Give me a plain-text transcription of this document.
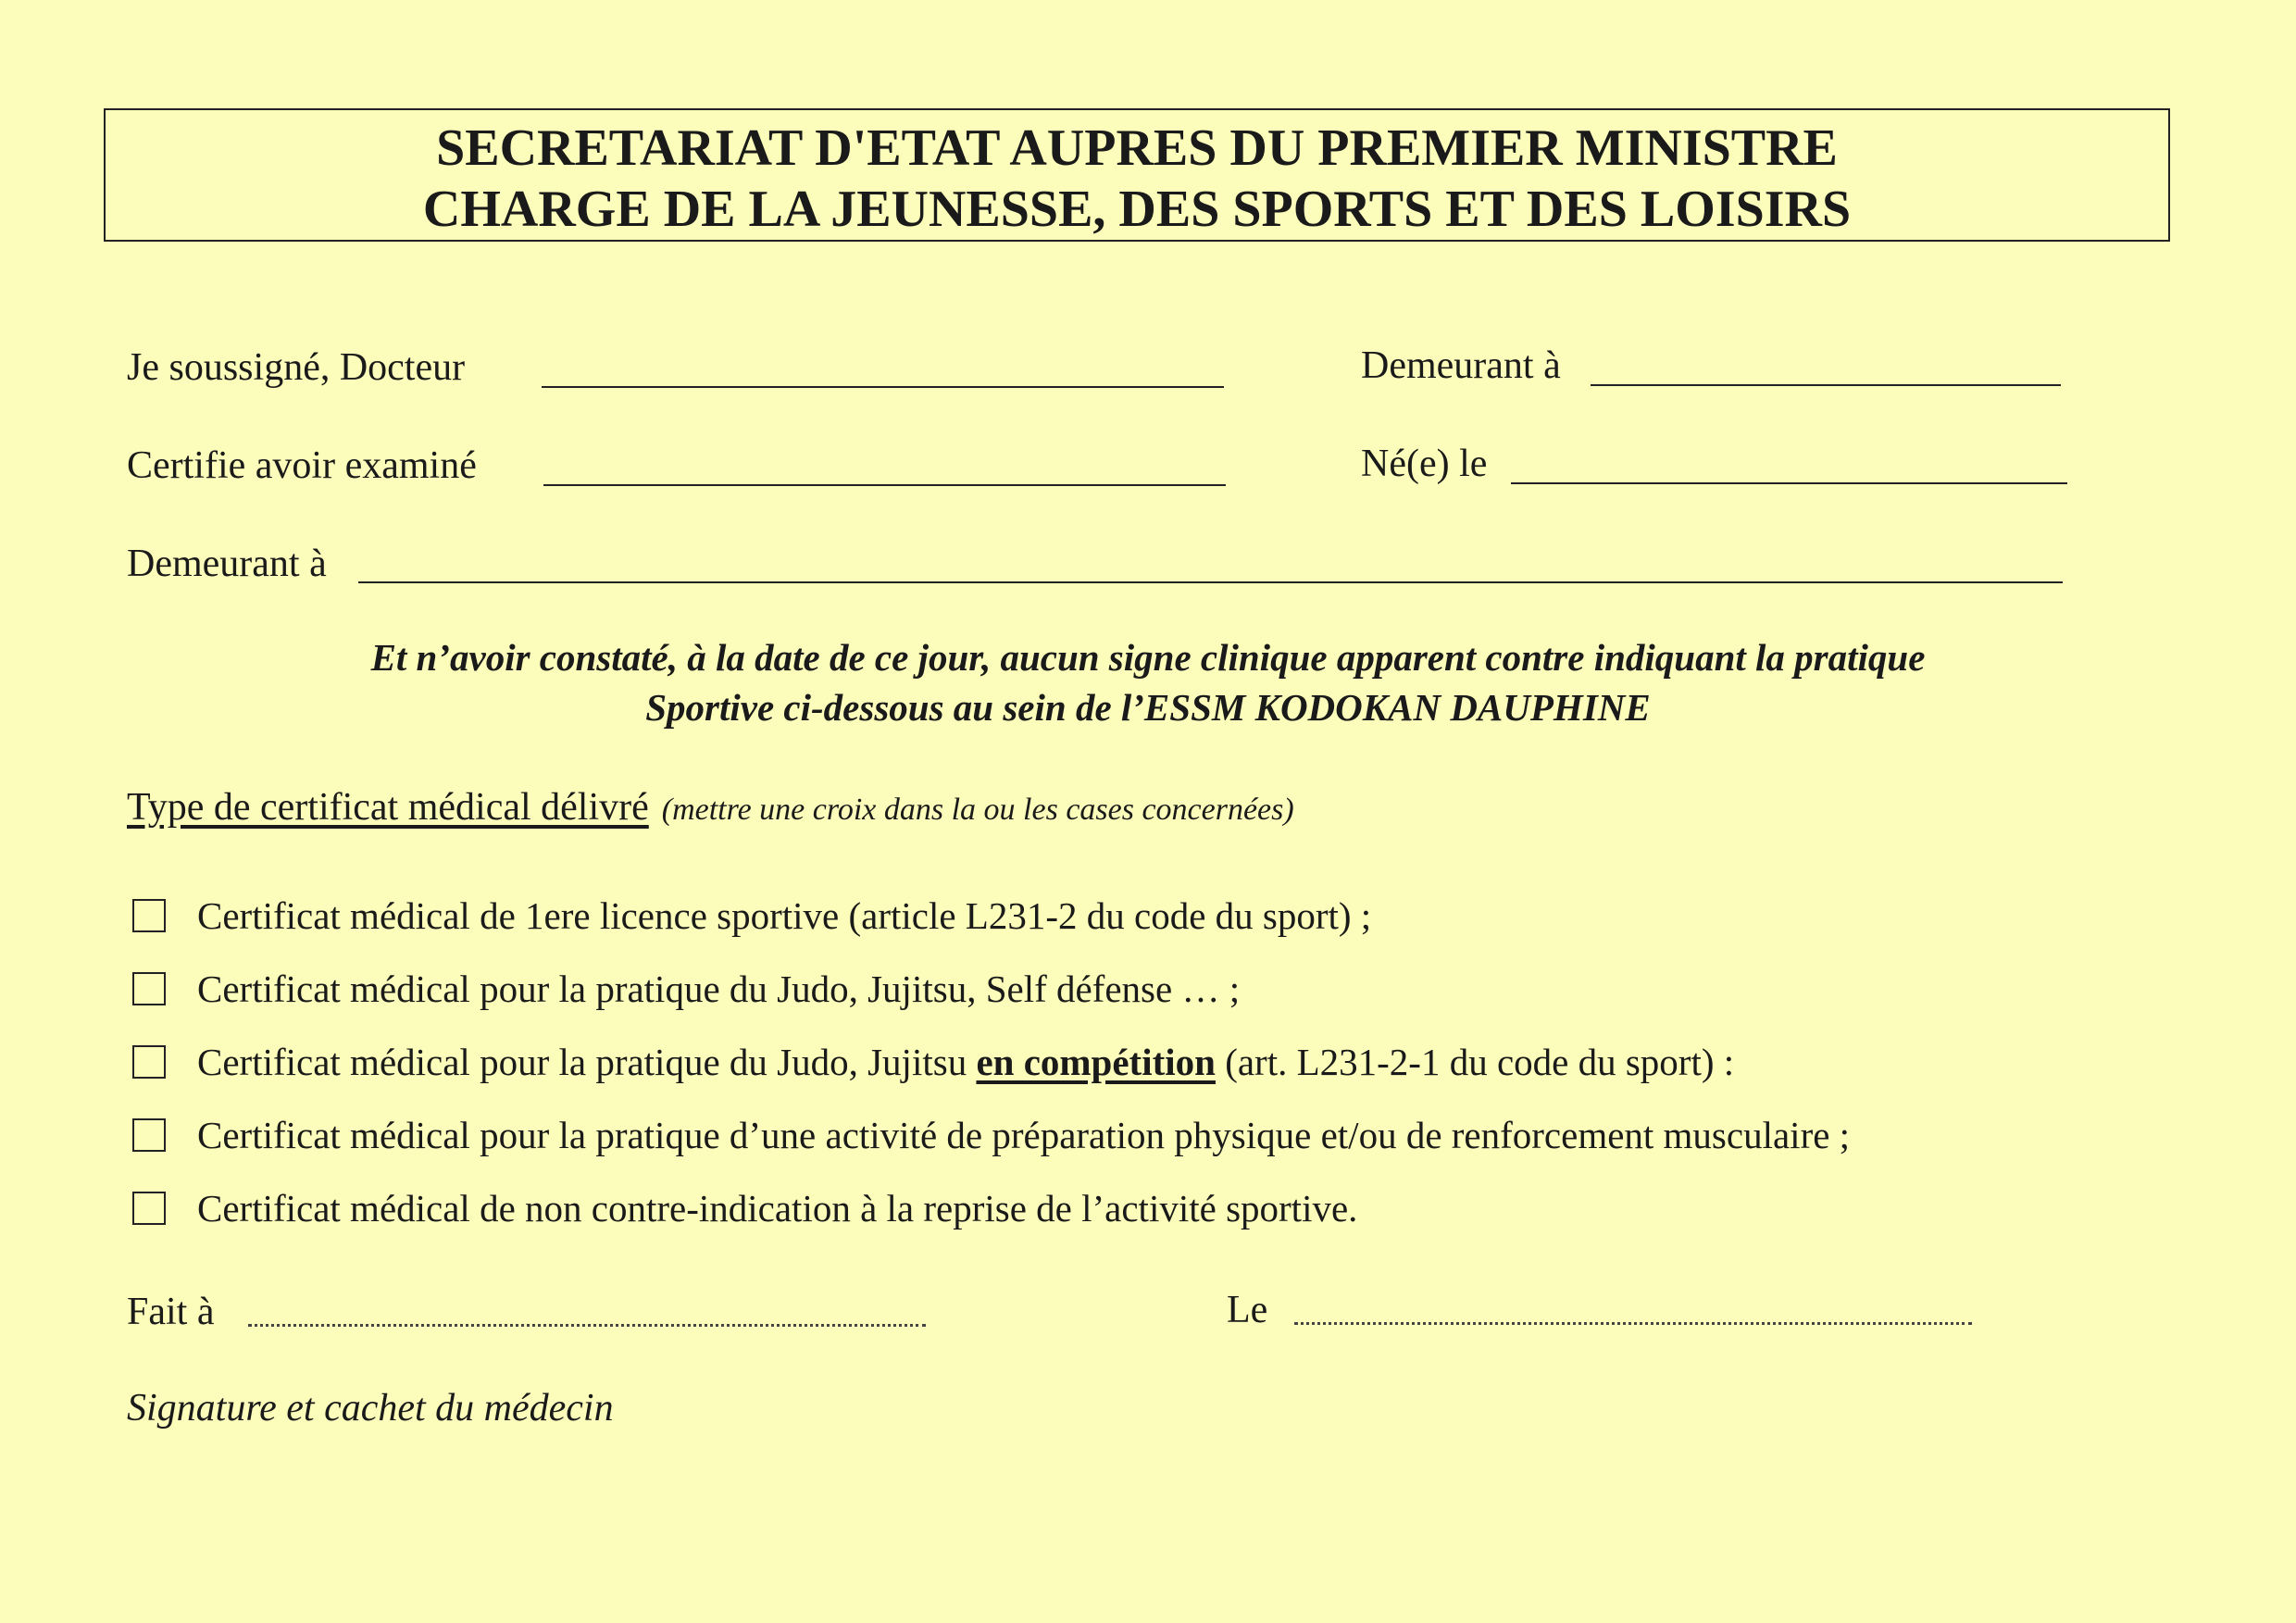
SECRETARIAT D'ETAT AUPRES DU PREMIER MINISTRE
CHARGE DE LA JEUNESSE, DES SPORTS ET DES LOISIRS
Je soussigné, Docteur	Demeurant à
Certifie avoir examiné	Né(e) le
Demeurant à
Et n’avoir constaté, à la date de ce jour, aucun signe clinique apparent contre indiquant la pratique
Sportive ci-dessous au sein de l’ESSM KODOKAN DAUPHINE
Type de certificat médical délivré (mettre une croix dans la ou les cases concernées)
Certificat médical de 1ere licence sportive (article L231-2 du code du sport) ;
Certificat médical pour la pratique du Judo, Jujitsu, Self défense … ;
Certificat médical pour la pratique du Judo, Jujitsu en compétition (art. L231-2-1 du code du sport) :
Certificat médical pour la pratique d’une activité de préparation physique et/ou de renforcement musculaire ;
Certificat médical de non contre-indication à la reprise de l’activité sportive.
Fait à	Le
Signature et cachet du médecin
